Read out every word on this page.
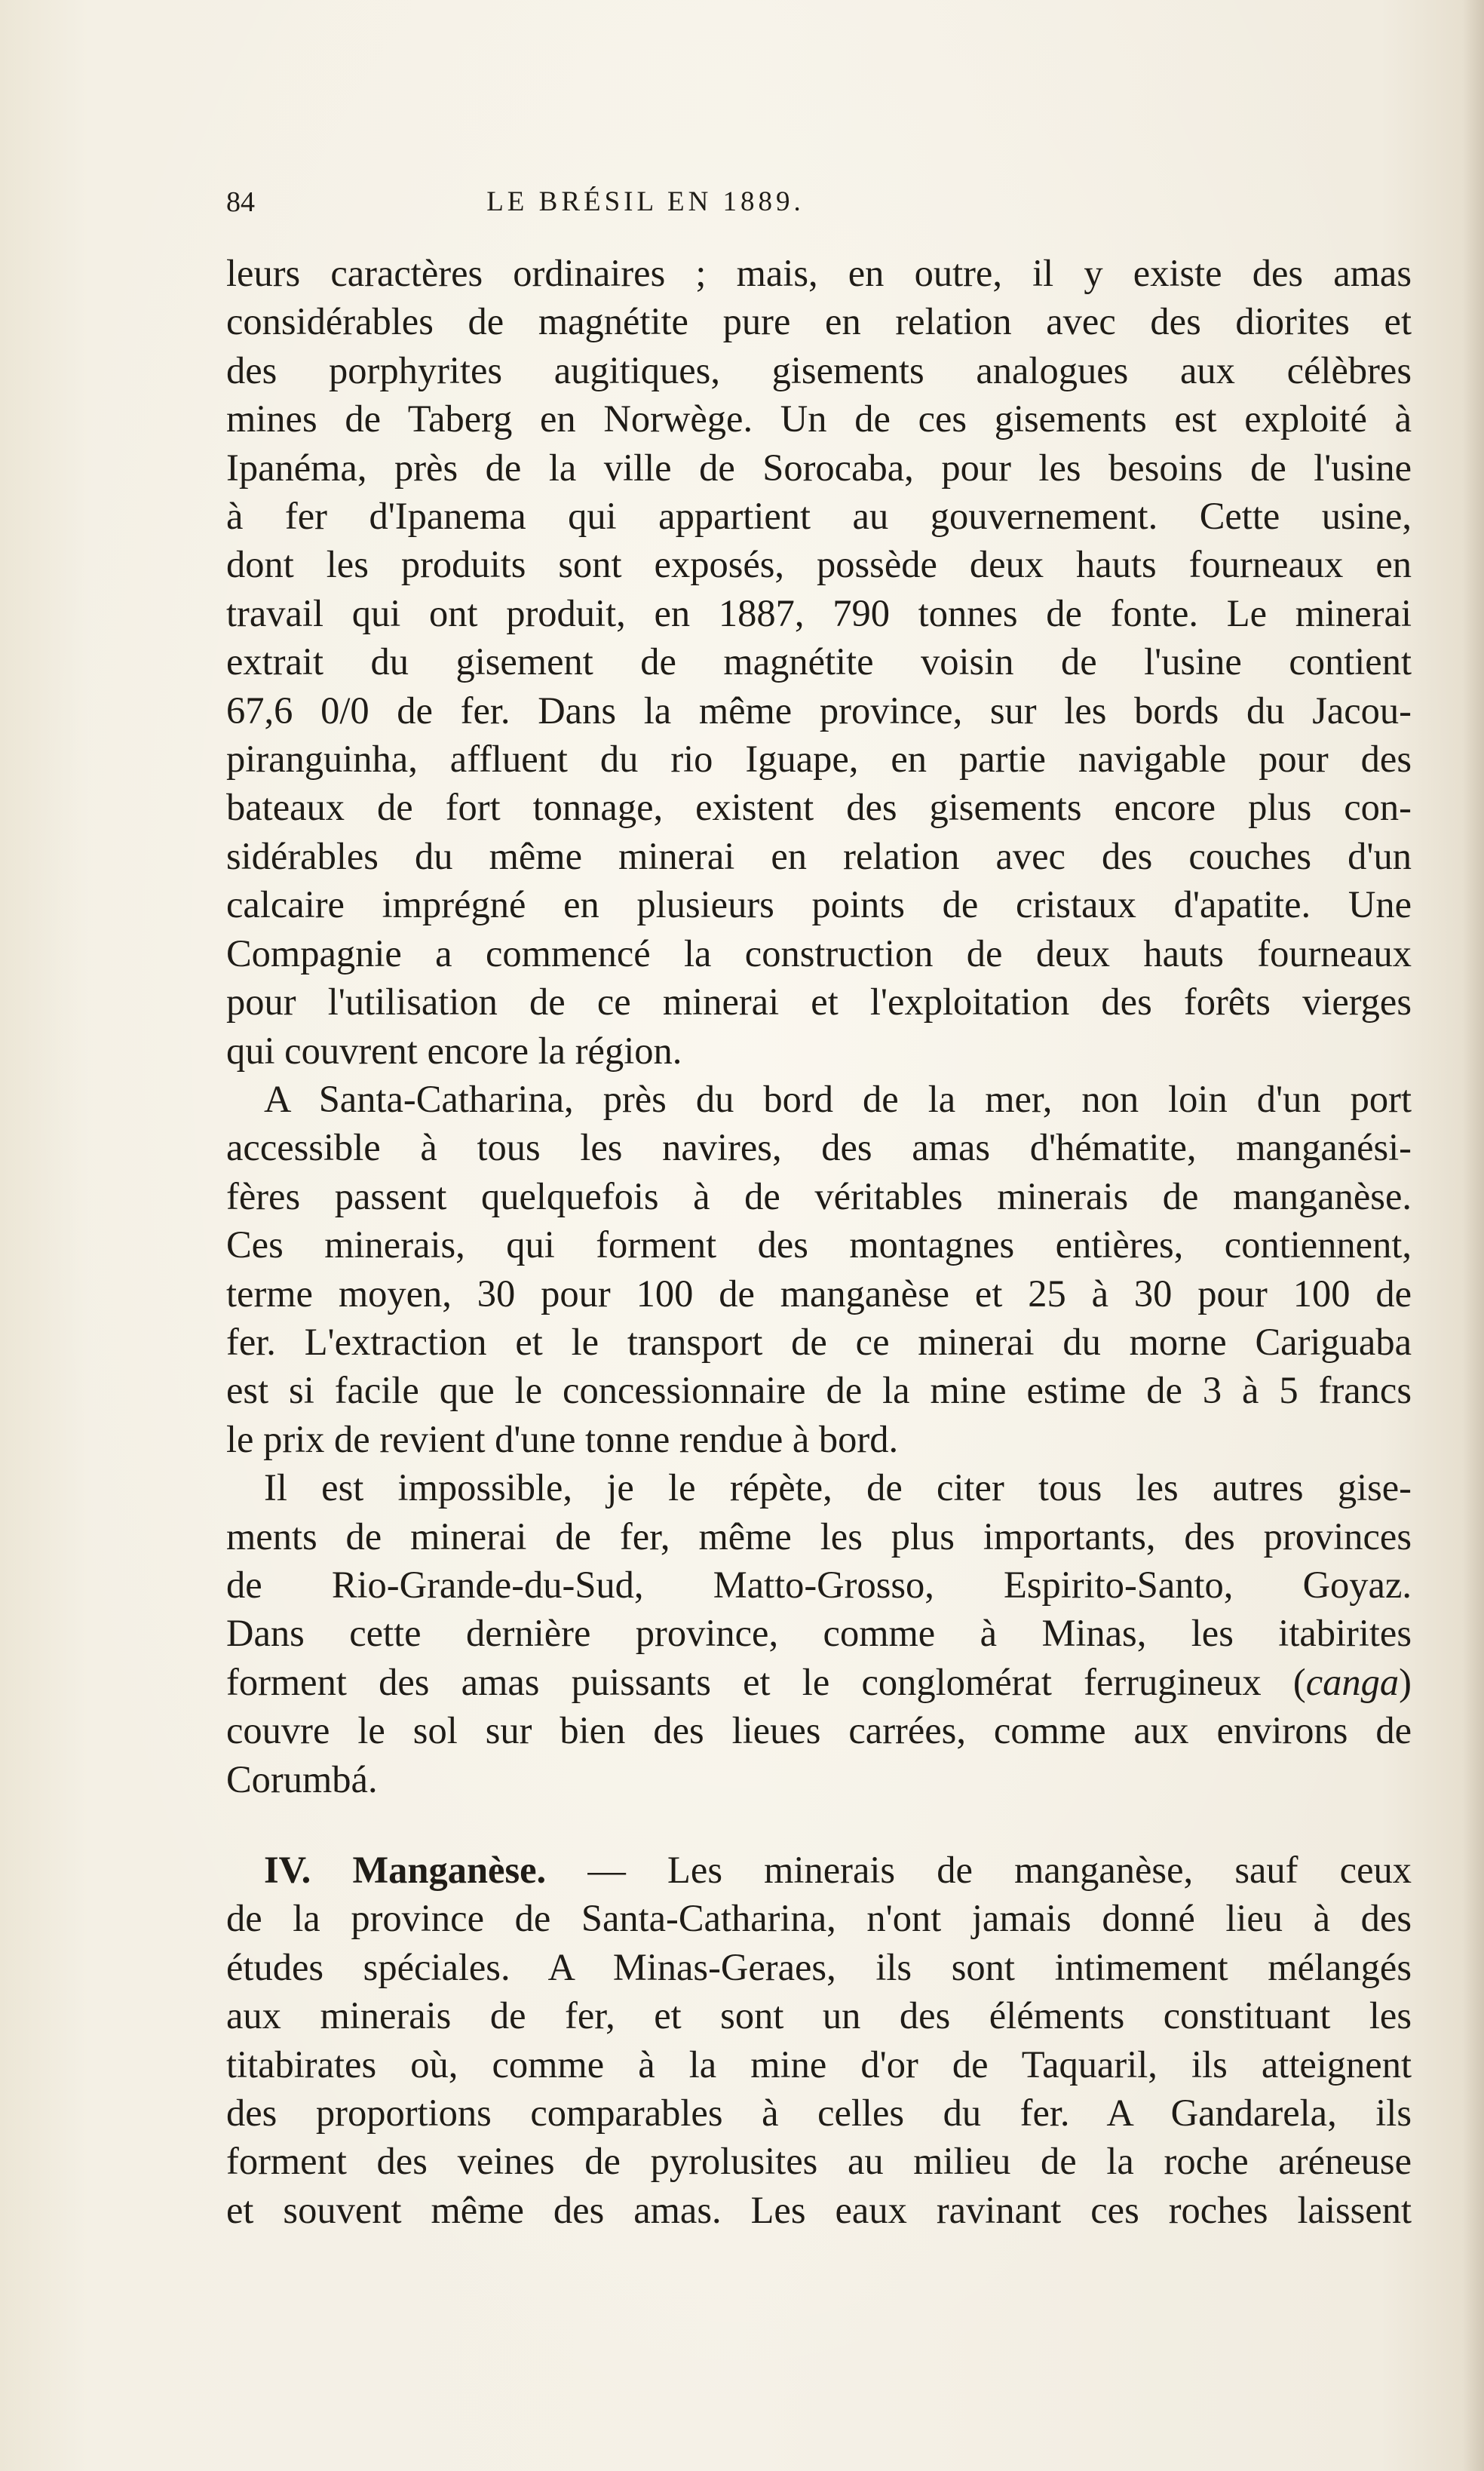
84	LE BRÉSIL EN 1889.

leurs caractères ordinaires ; mais, en outre, il y existe des amas
considérables de magnétite pure en relation avec des diorites et
des porphyrites augitiques, gisements analogues aux célèbres
mines de Taberg en Norwège. Un de ces gisements est exploité à
Ipanéma, près de la ville de Sorocaba, pour les besoins de l'usine
à fer d'Ipanema qui appartient au gouvernement. Cette usine,
dont les produits sont exposés, possède deux hauts fourneaux en
travail qui ont produit, en 1887, 790 tonnes de fonte. Le minerai
extrait du gisement de magnétite voisin de l'usine contient
67,6 0/0 de fer. Dans la même province, sur les bords du Jacou-
piranguinha, affluent du rio Iguape, en partie navigable pour des
bateaux de fort tonnage, existent des gisements encore plus con-
sidérables du même minerai en relation avec des couches d'un
calcaire imprégné en plusieurs points de cristaux d'apatite. Une
Compagnie a commencé la construction de deux hauts fourneaux
pour l'utilisation de ce minerai et l'exploitation des forêts vierges

qui couvrent encore la région.

A Santa-Catharina, près du bord de la mer, non loin d'un port

accessible à tous les navires, des amas d'hématite, manganési-
fères passent quelquefois à de véritables minerais de manganèse.
Ces minerais, qui forment des montagnes entières, contiennent,
terme moyen, 30 pour 100 de manganèse et 25 à 30 pour 100 de
fer. L'extraction et le transport de ce minerai du morne Cariguaba
est si facile que le concessionnaire de la mine estime de 3 à 5 francs

le prix de revient d'une tonne rendue à bord.

Il est impossible, je le répète, de citer tous les autres gise-

ments de minerai de fer, même les plus importants, des provinces
de Rio-Grande-du-Sud, Matto-Grosso, Espirito-Santo, Goyaz.
Dans cette dernière province, comme à Minas, les itabirites
forment des amas puissants et le conglomérat ferrugineux (canga)
couvre le sol sur bien des lieues carrées, comme aux environs de

Corumbá.

IV. Manganèse. — Les minerais de manganèse, sauf ceux

de la province de Santa-Catharina, n'ont jamais donné lieu à des
études spéciales. A Minas-Geraes, ils sont intimement mélangés
aux minerais de fer, et sont un des éléments constituant les
titabirates où, comme à la mine d'or de Taquaril, ils atteignent
des proportions comparables à celles du fer. A Gandarela, ils
forment des veines de pyrolusites au milieu de la roche aréneuse
et souvent même des amas. Les eaux ravinant ces roches laissent
